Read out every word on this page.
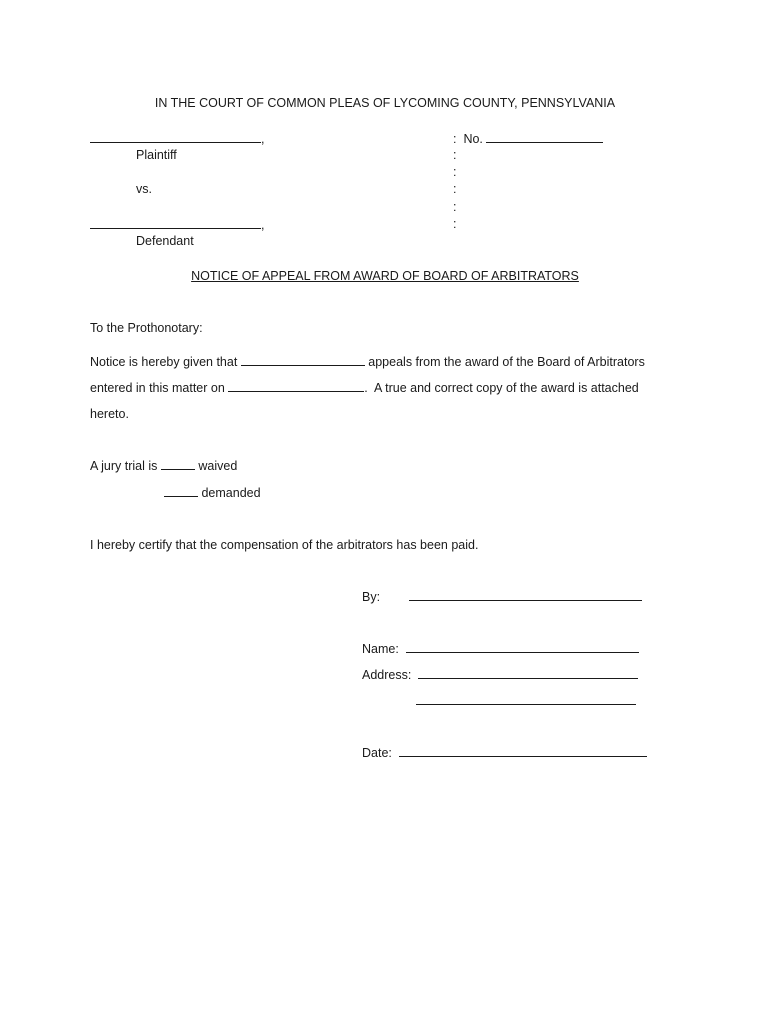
IN THE COURT OF COMMON PLEAS OF LYCOMING COUNTY, PENNSYLVANIA
,
Plaintiff
vs.
,
Defendant
: No.
:
:
:
:
:
NOTICE OF APPEAL FROM AWARD OF BOARD OF ARBITRATORS
To the Prothonotary:
Notice is hereby given that	appeals from the award of the Board of Arbitrators
entered in this matter on	.  A true and correct copy of the award is attached
hereto.
A jury trial is	waived
demanded
I hereby certify that the compensation of the arbitrators has been paid.
By:
Name:
Address:
Date:
